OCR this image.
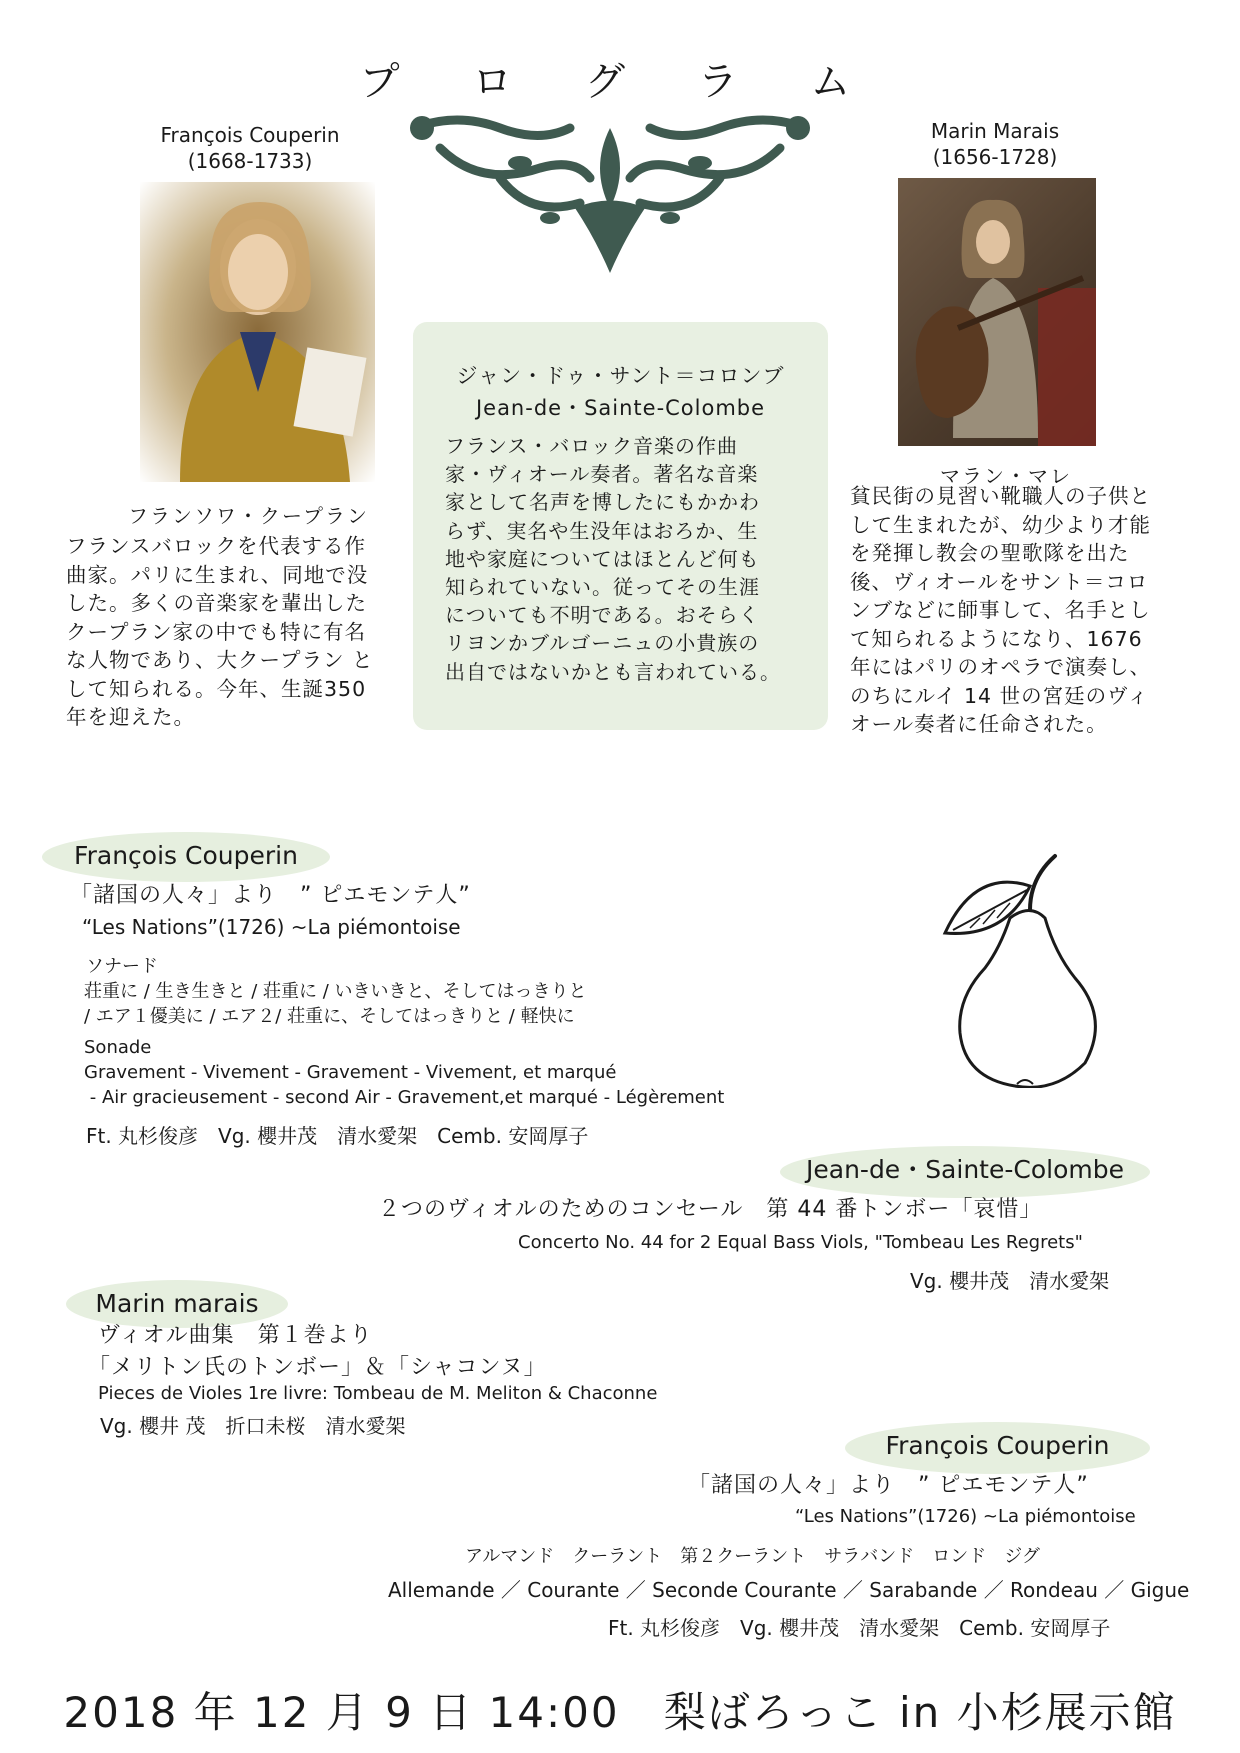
プ ロ グ ラ ム
François Couperin
(1668-1733)
フランソワ・クープラン
フランスバロックを代表する作
曲家。パリに生まれ、同地で没
した。多くの音楽家を輩出した
クープラン家の中でも特に有名
な人物であり、大クープラン と
して知られる。今年、生誕350
年を迎えた。
ジャン・ドゥ・サント＝コロンブ
Jean-de・Sainte-Colombe
フランス・バロック音楽の作曲
家・ヴィオール奏者。著名な音楽
家として名声を博したにもかかわ
らず、実名や生没年はおろか、生
地や家庭についてはほとんど何も
知られていない。従ってその生涯
についても不明である。おそらく
リヨンかブルゴーニュの小貴族の
出自ではないかとも言われている。
Marin Marais
(1656-1728)
マラン・マレ
貧民街の見習い靴職人の子供と
して生まれたが、幼少より才能
を発揮し教会の聖歌隊を出た
後、ヴィオールをサント＝コロ
ンブなどに師事して、名手とし
て知られるようになり、1676
年にはパリのオペラで演奏し、
のちにルイ 14 世の宮廷のヴィ
オール奏者に任命された。
François Couperin
「諸国の人々」より　” ピエモンテ人”
“Les Nations”(1726) ~La piémontoise
ソナード
荘重に / 生き生きと / 荘重に / いきいきと、そしてはっきりと
/ エア１優美に / エア２/ 荘重に、そしてはっきりと / 軽快に
Sonade
Gravement - Vivement - Gravement - Vivement, et marqué
- Air gracieusement - second Air - Gravement,et marqué - Légèrement
Ft. 丸杉俊彦　Vg. 櫻井茂　清水愛架　Cemb. 安岡厚子
Jean-de・Sainte-Colombe
２つのヴィオルのためのコンセール　第 44 番トンボー「哀惜」
Concerto No. 44 for 2 Equal Bass Viols, "Tombeau Les Regrets"
Vg. 櫻井茂　清水愛架
Marin marais
ヴィオル曲集　第１巻より
「メリトン氏のトンボー」＆「シャコンヌ」
Pieces de Violes 1re livre: Tombeau de M. Meliton & Chaconne
Vg. 櫻井 茂　折口未桜　清水愛架
François Couperin
「諸国の人々」より　” ピエモンテ人”
“Les Nations”(1726) ~La piémontoise
アルマンド　クーラント　第２クーラント　サラバンド　ロンド　ジグ
Allemande ／ Courante ／ Seconde Courante ／ Sarabande ／ Rondeau ／ Gigue
Ft. 丸杉俊彦　Vg. 櫻井茂　清水愛架　Cemb. 安岡厚子
2018 年 12 月 9 日 14:00　梨ばろっこ in 小杉展示館
